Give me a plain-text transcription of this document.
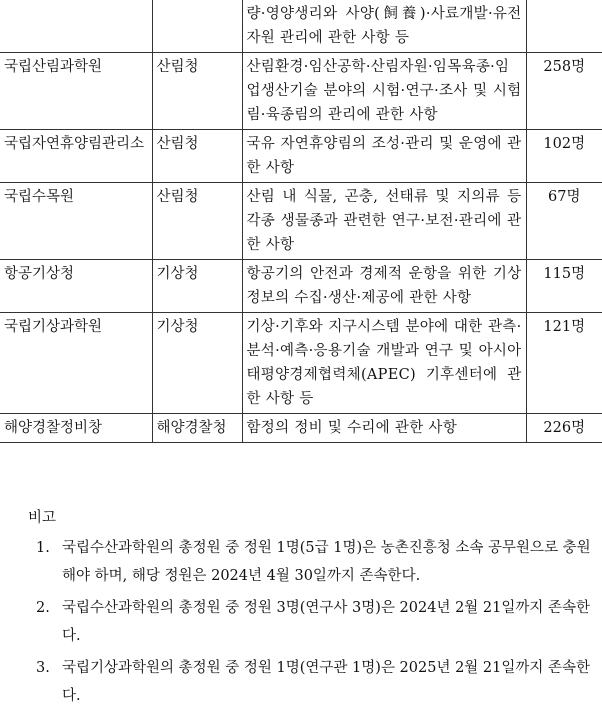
		량·영양생리와 사양(飼養)·사료개발·유전자원 관리에 관한 사항 등	
국립산림과학원	산림청	산림환경·임산공학·산림자원·임목육종·임업생산기술 분야의 시험·연구·조사 및 시험림·육종림의 관리에 관한 사항	258명
국립자연휴양림관리소	산림청	국유 자연휴양림의 조성·관리 및 운영에 관한 사항	102명
국립수목원	산림청	산림 내 식물, 곤충, 선태류 및 지의류 등 각종 생물종과 관련한 연구·보전·관리에 관한 사항	67명
항공기상청	기상청	항공기의 안전과 경제적 운항을 위한 기상정보의 수집·생산·제공에 관한 사항	115명
국립기상과학원	기상청	기상·기후와 지구시스템 분야에 대한 관측·분석·예측·응용기술 개발과 연구 및 아시아태평양경제협력체(APEC) 기후센터에 관한 사항 등	121명
해양경찰정비창	해양경찰청	함정의 정비 및 수리에 관한 사항	226명
비고
1. 국립수산과학원의 총정원 중 정원 1명(5급 1명)은 농촌진흥청 소속 공무원으로 충원해야 하며, 해당 정원은 2024년 4월 30일까지 존속한다.
2. 국립수산과학원의 총정원 중 정원 3명(연구사 3명)은 2024년 2월 21일까지 존속한다.
3. 국립기상과학원의 총정원 중 정원 1명(연구관 1명)은 2025년 2월 21일까지 존속한다.
